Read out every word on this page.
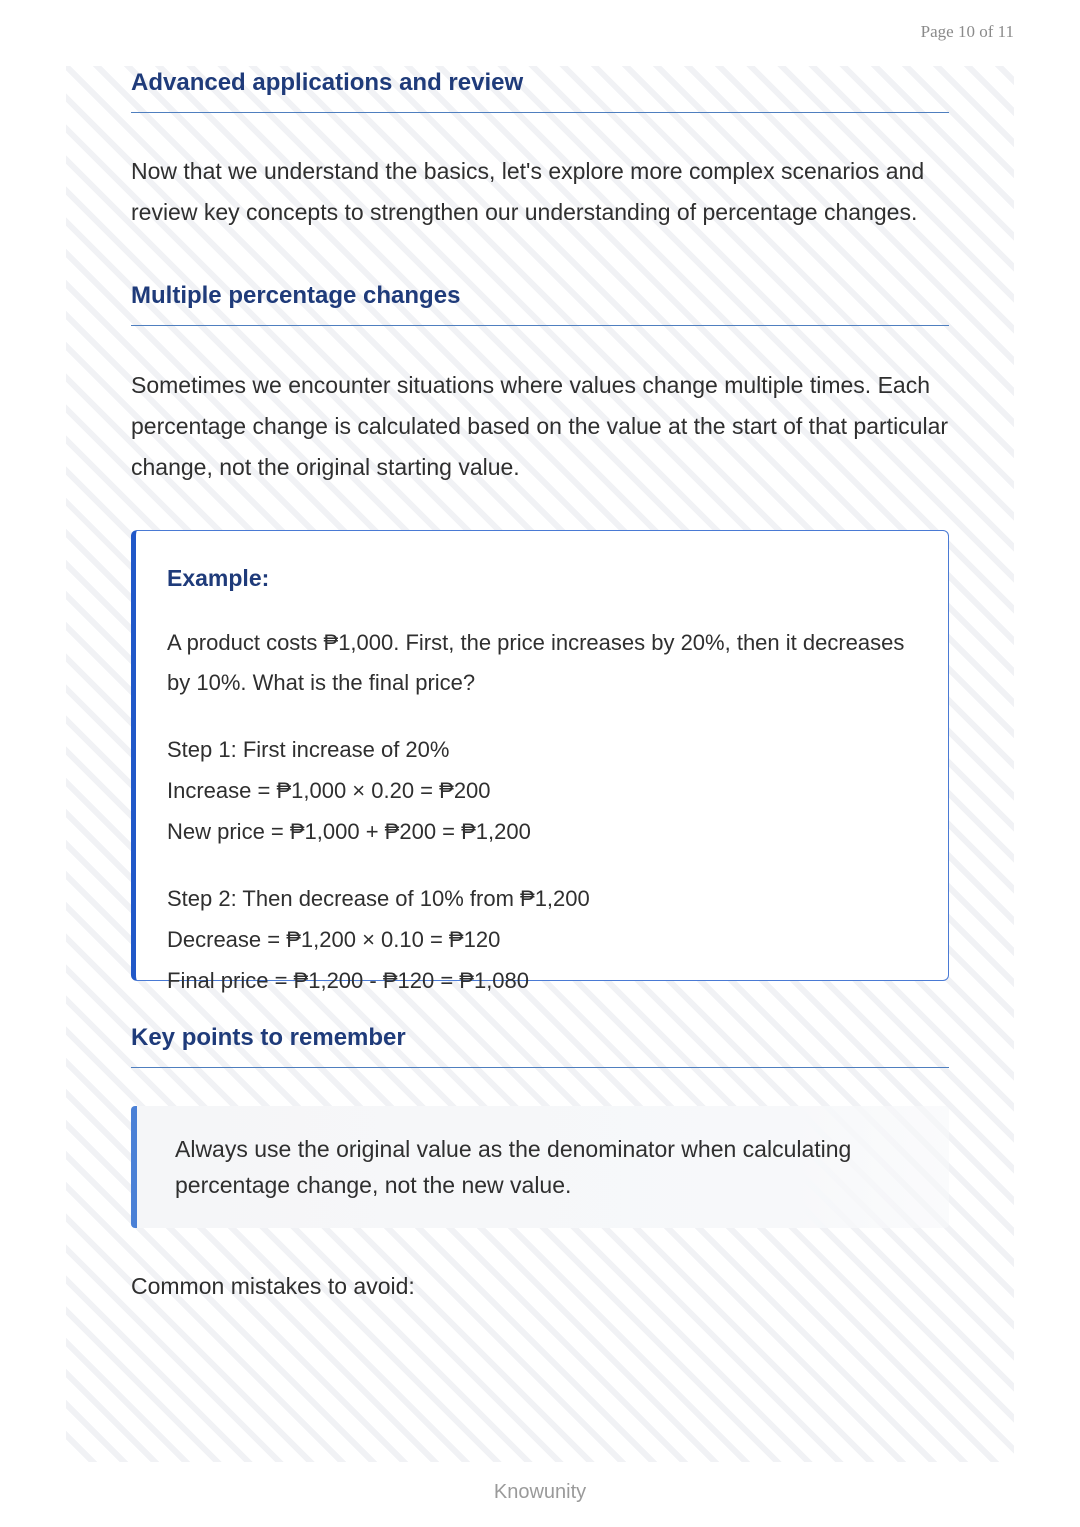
Page 10 of 11
Advanced applications and review
Now that we understand the basics, let's explore more complex scenarios and review key concepts to strengthen our understanding of percentage changes.
Multiple percentage changes
Sometimes we encounter situations where values change multiple times. Each percentage change is calculated based on the value at the start of that particular change, not the original starting value.
Example:
A product costs ₱1,000. First, the price increases by 20%, then it decreases by 10%. What is the final price?
Step 1: First increase of 20%
Increase = ₱1,000 × 0.20 = ₱200
New price = ₱1,000 + ₱200 = ₱1,200
Step 2: Then decrease of 10% from ₱1,200
Decrease = ₱1,200 × 0.10 = ₱120
Final price = ₱1,200 - ₱120 = ₱1,080
Key points to remember
Always use the original value as the denominator when calculating percentage change, not the new value.
Common mistakes to avoid:
Knowunity
